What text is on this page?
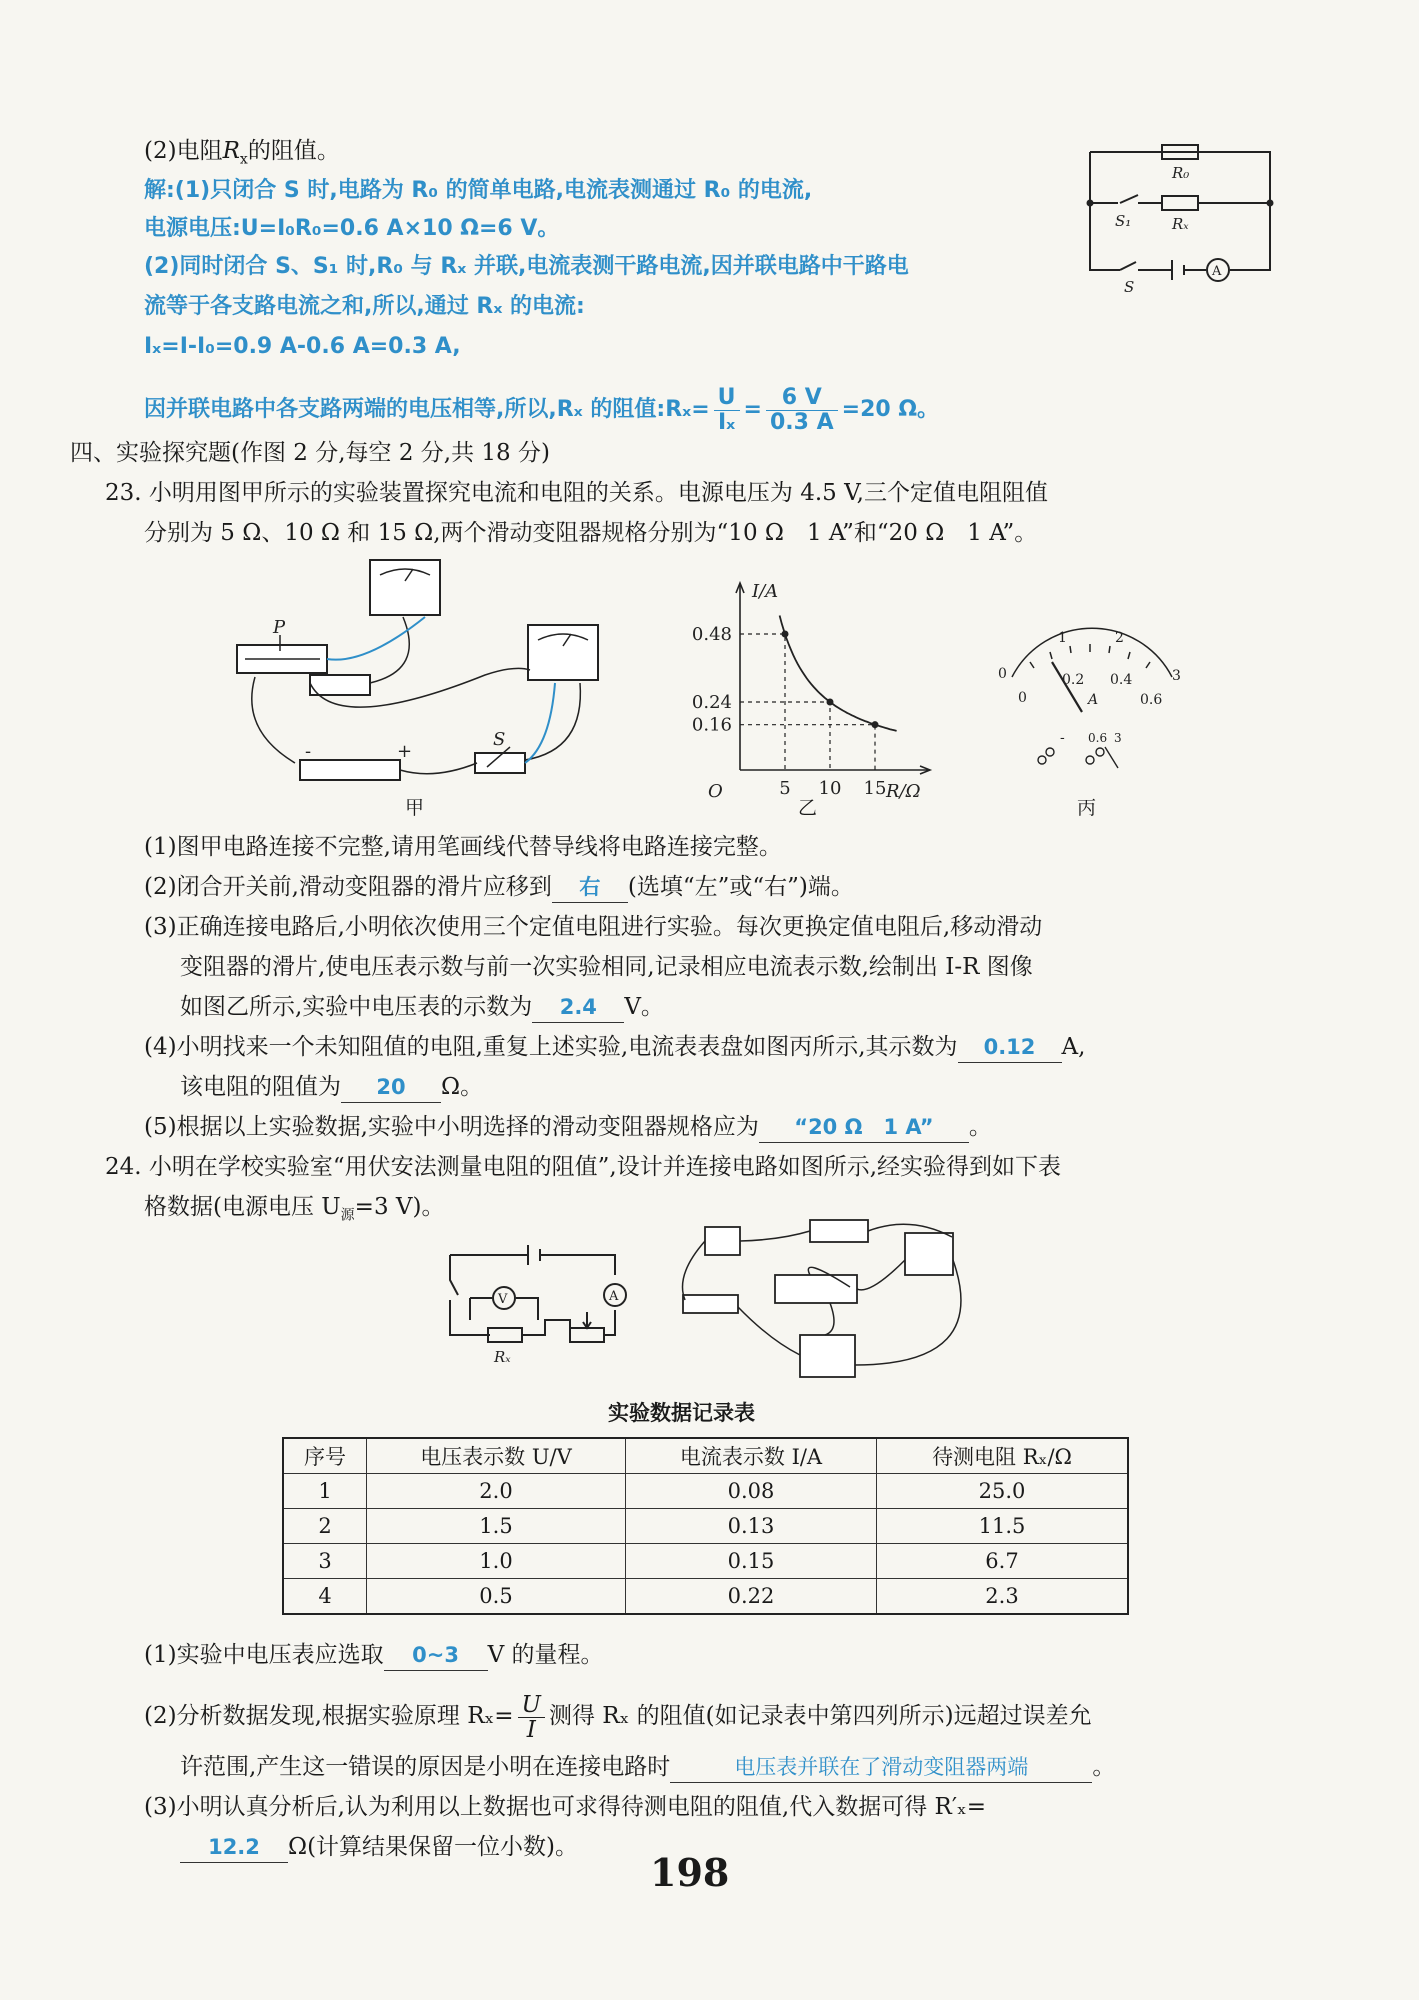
(2)电阻$R_x$的阻值。
解:(1)只闭合 S 时,电路为 R₀ 的简单电路,电流表测通过 R₀ 的电流,
电源电压:U=I₀R₀=0.6 A×10 Ω=6 V。
(2)同时闭合 S、S₁ 时,R₀ 与 Rₓ 并联,电流表测干路电流,因并联电路中干路电
流等于各支路电流之和,所以,通过 Rₓ 的电流:
Iₓ=I-I₀=0.9 A-0.6 A=0.3 A,
因并联电路中各支路两端的电压相等,所以,Rₓ 的阻值:Rₓ= $\frac{U}{\text{Iₓ}} = \frac{6 V}{0.3 A} =20$ Ω。
R₀
S₁	Rₓ
S
A
四、实验探究题(作图 2 分,每空 2 分,共 18 分)
23. 小明用图甲所示的实验装置探究电流和电阻的关系。电源电压为 4.5 V,三个定值电阻阻值
分别为 5 Ω、10 Ω 和 15 Ω,两个滑动变阻器规格分别为“10 Ω　1 A”和“20 Ω　1 A”。
P
S
-	+
甲
I/A
R/Ω
O
0.48
0.24
0.16
5 10 15
乙
0
1	2
3
0
0.2 0.4
0.6
A
- 0.6 3
丙
(1)图甲电路连接不完整,请用笔画线代替导线将电路连接完整。
(2)闭合开关前,滑动变阻器的滑片应移到 右 (选填“左”或“右”)端。
(3)正确连接电路后,小明依次使用三个定值电阻进行实验。每次更换定值电阻后,移动滑动
变阻器的滑片,使电压表示数与前一次实验相同,记录相应电流表示数,绘制出 I-R 图像
如图乙所示,实验中电压表的示数为 2.4 V。
(4)小明找来一个未知阻值的电阻,重复上述实验,电流表表盘如图丙所示,其示数为 0.12 A,
该电阻的阻值为 20 Ω。
(5)根据以上实验数据,实验中小明选择的滑动变阻器规格应为 “20 Ω　1 A” 。
24. 小明在学校实验室“用伏安法测量电阻的阻值”,设计并连接电路如图所示,经实验得到如下表
格数据(电源电压 $U_源=3$ V)。
V	A
Rₓ
实验数据记录表
序号	电压表示数 U/V	电流表示数 I/A	待测电阻 Rₓ/Ω
1	2.0	0.08	25.0
2	1.5	0.13	11.5
3	1.0	0.15	6.7
4	0.5	0.22	2.3
(1)实验中电压表应选取 0~3 V 的量程。
(2)分析数据发现,根据实验原理 $R_x= \frac{U}{I}$ 测得 Rₓ 的阻值(如记录表中第四列所示)远超过误差允
许范围,产生这一错误的原因是小明在连接电路时	电压表并联在了滑动变阻器两端	。
(3)小明认真分析后,认为利用以上数据也可求得待测电阻的阻值,代入数据可得 R′ₓ=
12.2 Ω(计算结果保留一位小数)。
198
